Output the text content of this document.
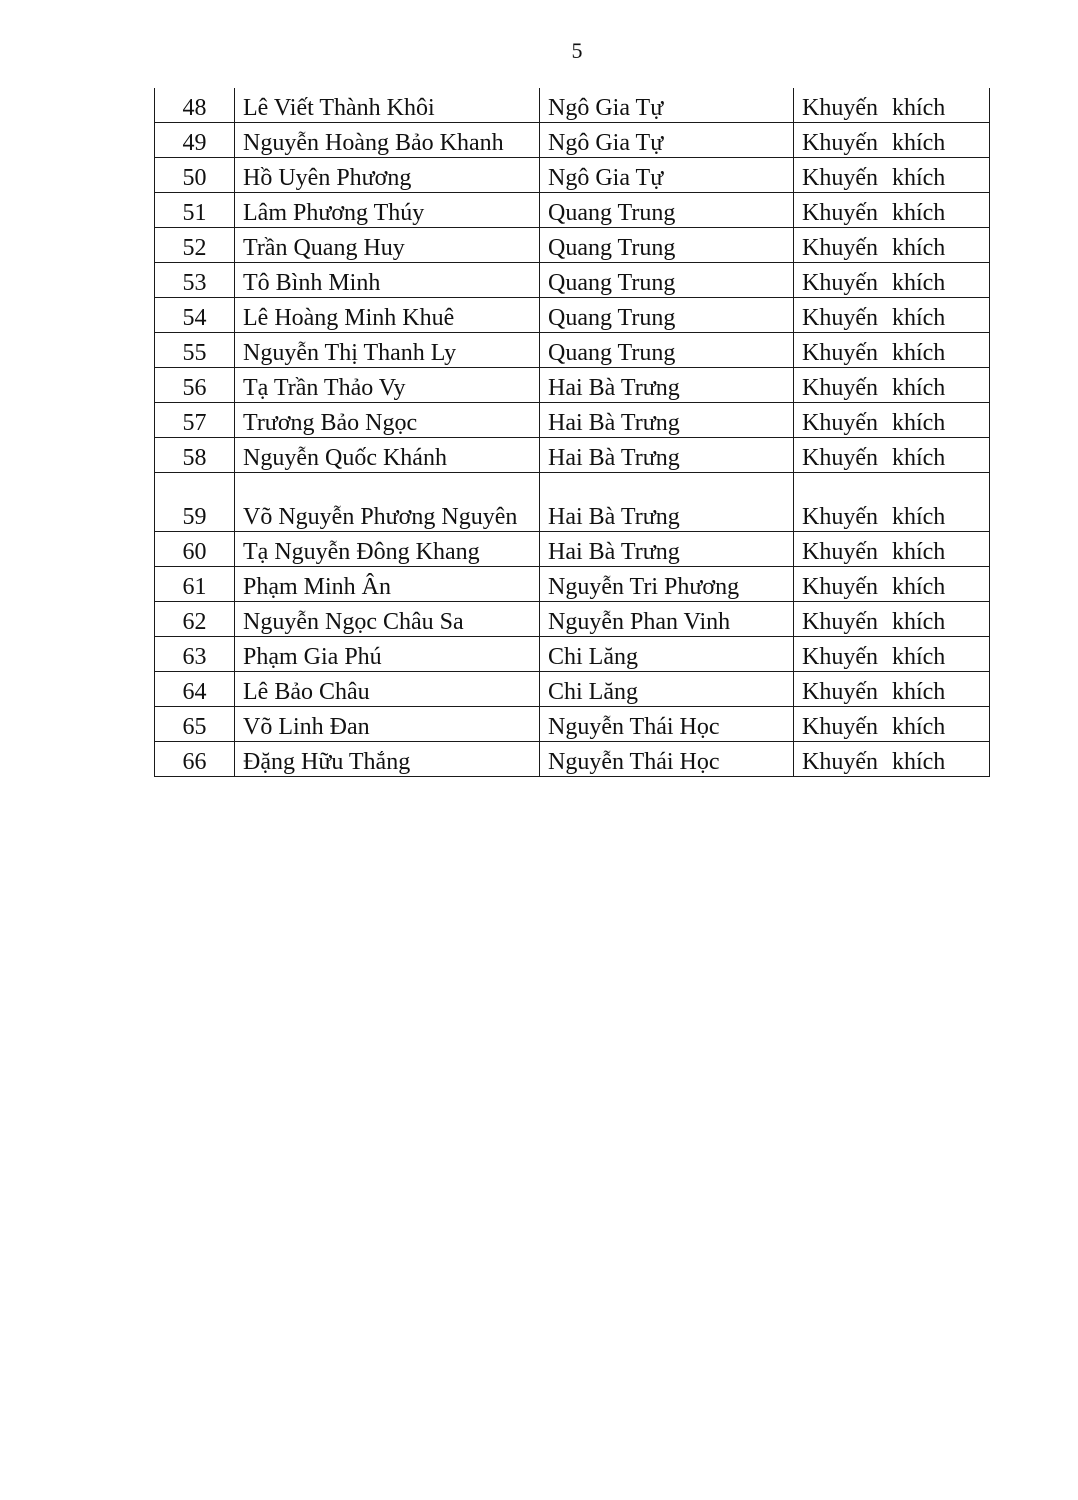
5
48	Lê Viết Thành Khôi	Ngô Gia Tự	Khuyến khích
49	Nguyễn Hoàng Bảo Khanh	Ngô Gia Tự	Khuyến khích
50	Hồ Uyên Phương	Ngô Gia Tự	Khuyến khích
51	Lâm Phương Thúy	Quang Trung	Khuyến khích
52	Trần Quang Huy	Quang Trung	Khuyến khích
53	Tô Bình Minh	Quang Trung	Khuyến khích
54	Lê Hoàng Minh Khuê	Quang Trung	Khuyến khích
55	Nguyễn Thị Thanh Ly	Quang Trung	Khuyến khích
56	Tạ Trần Thảo Vy	Hai Bà Trưng	Khuyến khích
57	Trương Bảo Ngọc	Hai Bà Trưng	Khuyến khích
58	Nguyễn Quốc Khánh	Hai Bà Trưng	Khuyến khích
59	Võ Nguyễn Phương Nguyên	Hai Bà Trưng	Khuyến khích
60	Tạ Nguyễn Đông Khang	Hai Bà Trưng	Khuyến khích
61	Phạm Minh Ân	Nguyễn Tri Phương	Khuyến khích
62	Nguyễn Ngọc Châu Sa	Nguyễn Phan Vinh	Khuyến khích
63	Phạm Gia Phú	Chi Lăng	Khuyến khích
64	Lê Bảo Châu	Chi Lăng	Khuyến khích
65	Võ Linh Đan	Nguyễn Thái Học	Khuyến khích
66	Đặng Hữu Thắng	Nguyễn Thái Học	Khuyến khích
